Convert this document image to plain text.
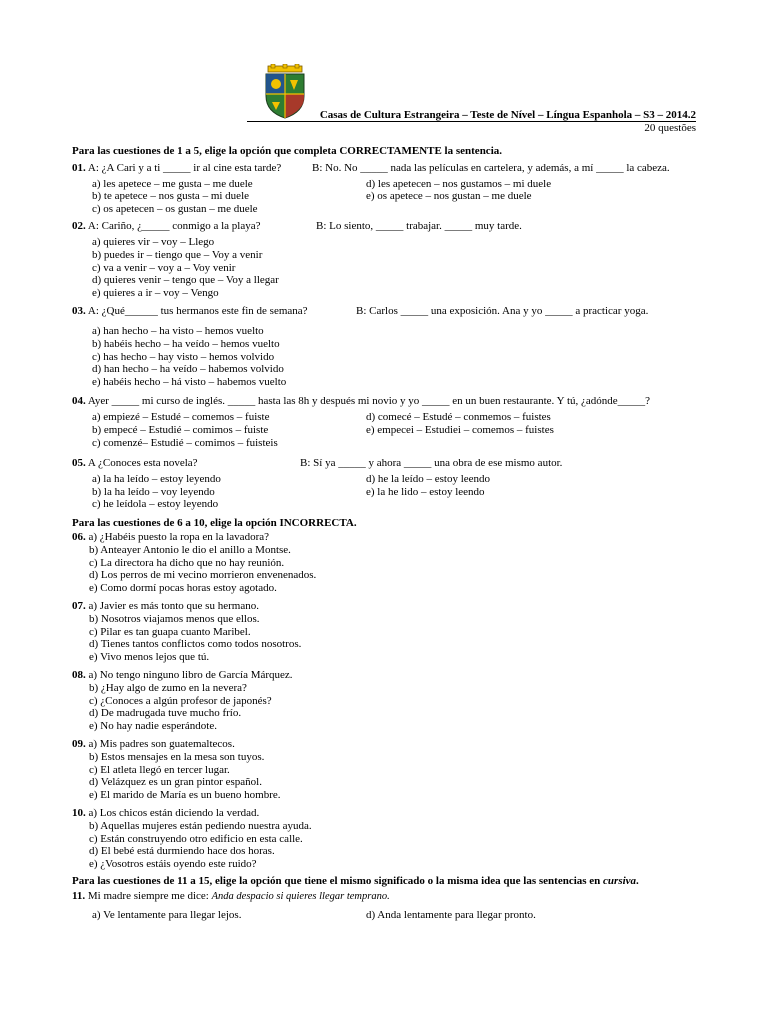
Casas de Cultura Estrangeira – Teste de Nível – Língua Espanhola – S3 – 2014.2
20 questões
Para las cuestiones de 1 a 5, elige la opción que completa CORRECTAMENTE la sentencia.
01. A: ¿A Cari y a ti _____ ir al cine esta tarde?	B: No. No _____ nada las películas en cartelera, y además, a mí _____ la cabeza.
a) les apetece – me gusta – me duele
b) te apetece – nos gusta – mi duele
c) os apetecen – os gustan – me duele
d) les apetecen – nos gustamos – mi duele
e) os apetece – nos gustan – me duele
02. A: Cariño, ¿_____ conmigo a la playa?	B: Lo siento, _____ trabajar. _____ muy tarde.
a) quieres vir – voy – Llego
b) puedes ir – tiengo que – Voy a venir
c) va a venir – voy a – Voy venir
d) quieres venir – tengo que – Voy a llegar
e) quieres a ir – voy – Vengo
03. A: ¿Qué______ tus hermanos este fin de semana?	B: Carlos _____ una exposición. Ana y yo _____ a practicar yoga.
a) han hecho – ha visto – hemos vuelto
b) habéis hecho – ha veído – hemos vuelto
c) has hecho – hay visto – hemos volvido
d) han hecho – ha veído – habemos volvido
e) habéis hecho – há visto – habemos vuelto
04. Ayer _____ mi curso de inglés. _____ hasta las 8h y después mi novio y yo _____ en un buen restaurante. Y tú, ¿adónde_____?
a) empiezé – Estudé – comemos – fuiste
b) empecé – Estudié – comimos – fuiste
c) comenzé– Estudié – comimos – fuisteis
d) comecé – Estudé – conmemos – fuistes
e) empecei – Estudiei – comemos – fuistes
05. A ¿Conoces esta novela?	B: Sí ya _____ y ahora _____ una obra de ese mismo autor.
a) la ha leído – estoy leyendo
b) la ha leído – voy leyendo
c) he leídola – estoy leyendo
d) he la leído – estoy leendo
e) la he lido – estoy leendo
Para las cuestiones de 6 a 10, elige la opción INCORRECTA.
06. a) ¿Habéis puesto la ropa en la lavadora?
b) Anteayer Antonio le dio el anillo a Montse.
c) La directora ha dicho que no hay reunión.
d) Los perros de mi vecino morrieron envenenados.
e) Como dormí pocas horas estoy agotado.
07. a) Javier es más tonto que su hermano.
b) Nosotros viajamos menos que ellos.
c) Pilar es tan guapa cuanto Maribel.
d) Tienes tantos conflictos como todos nosotros.
e) Vivo menos lejos que tú.
08. a) No tengo ninguno libro de García Márquez.
b) ¿Hay algo de zumo en la nevera?
c) ¿Conoces a algún profesor de japonés?
d) De madrugada tuve mucho frío.
e) No hay nadie esperándote.
09. a) Mis padres son guatemaltecos.
b) Estos mensajes en la mesa son tuyos.
c) El atleta llegó en tercer lugar.
d) Velázquez es un gran pintor español.
e) El marido de María es un bueno hombre.
10. a) Los chicos están diciendo la verdad.
b) Aquellas mujeres están pediendo nuestra ayuda.
c) Están construyendo otro edificio en esta calle.
d) El bebé está durmiendo hace dos horas.
e) ¿Vosotros estáis oyendo este ruido?
Para las cuestiones de 11 a 15, elige la opción que tiene el mismo significado o la misma idea que las sentencias en cursiva.
11. Mi madre siempre me dice: Anda despacio si quieres llegar temprano.
a) Ve lentamente para llegar lejos.	d) Anda lentamente para llegar pronto.
